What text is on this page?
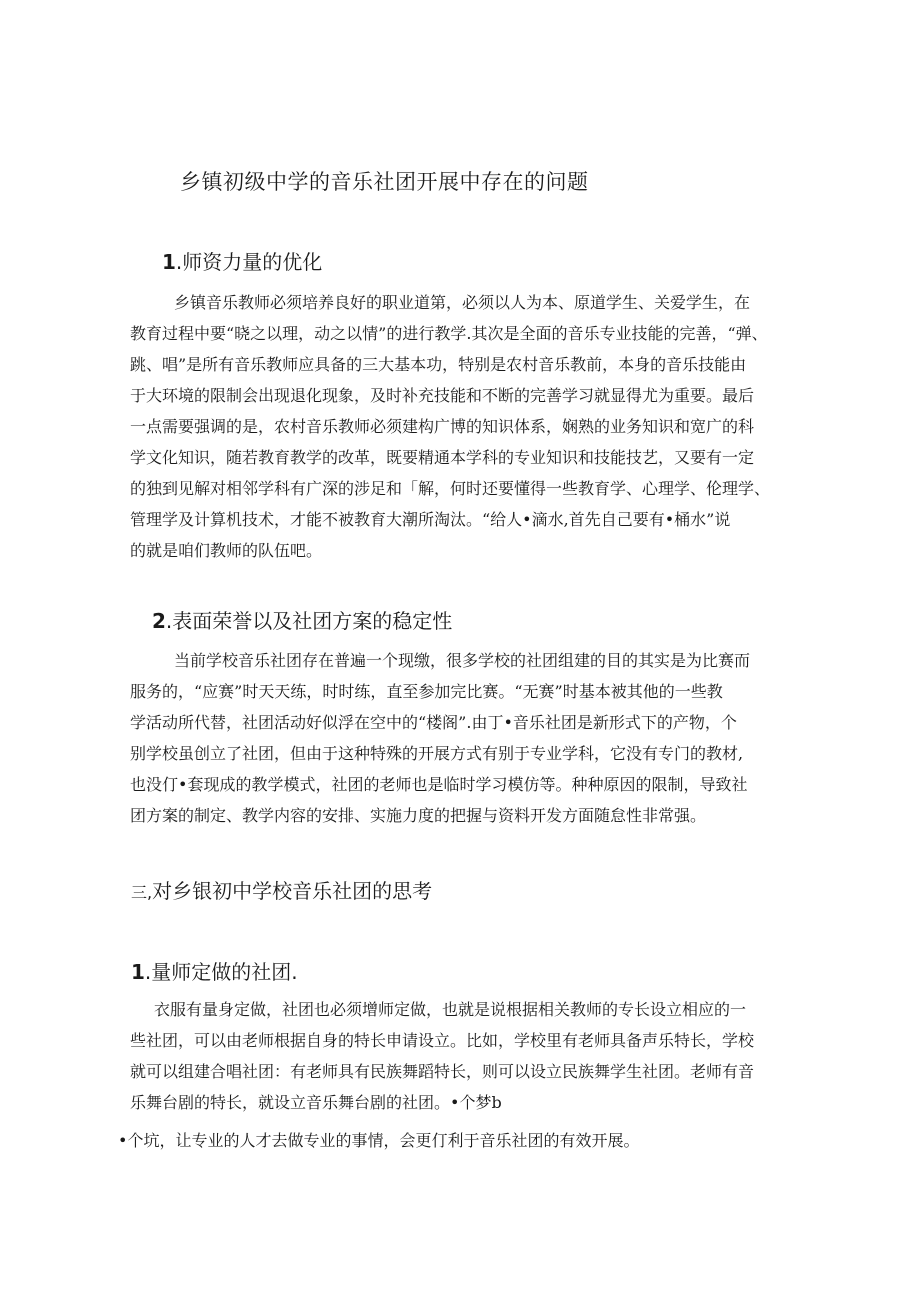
乡镇初级中学的音乐社团开展中存在的问题
1.师资力量的优化
乡镇音乐教师必须培养良好的职业道第，必须以人为本、原道学生、关爱学生，在
教育过程中要“晓之以理，动之以情”的进行教学.其次是全面的音乐专业技能的完善，“弹、
跳、唱”是所有音乐教师应具备的三大基本功，特别是农村音乐教前，本身的音乐技能由
于大环境的限制会出现退化现象，及时补充技能和不断的完善学习就显得尤为重要。最后
一点需要强调的是，农村音乐教师必须建构广博的知识体系，娴熟的业务知识和宽广的科
学文化知识，随若教育教学的改革，既要精通本学科的专业知识和技能技艺，又要有一定
的独到见解对相邻学科有广深的涉足和「解，何时还要懂得一些教育学、心理学、伦理学、
管理学及计算机技术，才能不被教育大潮所淘汰。“给人•滴水,首先自己要有•桶水”说
的就是咱们教师的队伍吧。
2.表面荣誉以及社团方案的稳定性
当前学校音乐社团存在普遍一个现缴，很多学校的社团组建的目的其实是为比赛而
服务的，“应赛”时天天练，时时练，直至参加完比赛。“无赛”时基本被其他的一些教
学活动所代替，社团活动好似浮在空中的“楼阁”.由丁•音乐社团是新形式下的产物，个
别学校虽创立了社团，但由于这种特殊的开展方式有别于专业学科，它没有专门的教材,
也没仃•套现成的教学模式，社团的老师也是临时学习模仿等。种种原因的限制，导致社
团方案的制定、教学内容的安排、实施力度的把握与资料开发方面随怠性非常强。
三,对乡银初中学校音乐社团的思考
1.量师定做的社团.
衣服有量身定做，社团也必须增师定做，也就是说根据相关教师的专长设立相应的一
些社团，可以由老师根据自身的特长申请设立。比如，学校里有老师具备声乐特长，学校
就可以组建合唱社团：有老师具有民族舞蹈特长，则可以设立民族舞学生社团。老师有音
乐舞台剧的特长，就设立音乐舞台剧的社团。•个梦b
•个坑，让专业的人才去做专业的事情，会更仃利于音乐社团的有效开展。
